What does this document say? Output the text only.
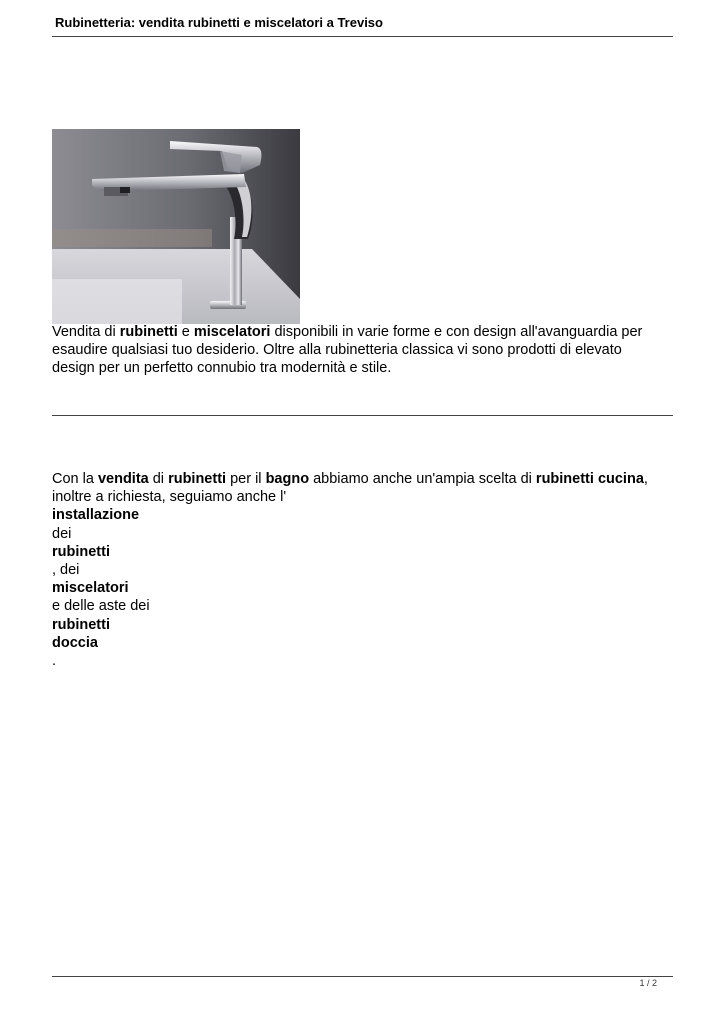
Rubinetteria: vendita rubinetti e miscelatori a Treviso
Vendita di rubinetti e miscelatori disponibili in varie forme e con design all'avanguardia per
esaudire qualsiasi tuo desiderio. Oltre alla rubinetteria classica vi sono prodotti di elevato
design per un perfetto connubio tra modernità e stile.
Con la vendita di rubinetti per il bagno abbiamo anche un'ampia scelta di rubinetti cucina,
inoltre a richiesta, seguiamo anche l'
installazione
dei
rubinetti
, dei
miscelatori
e delle aste dei
rubinetti
doccia
.
1 / 2
